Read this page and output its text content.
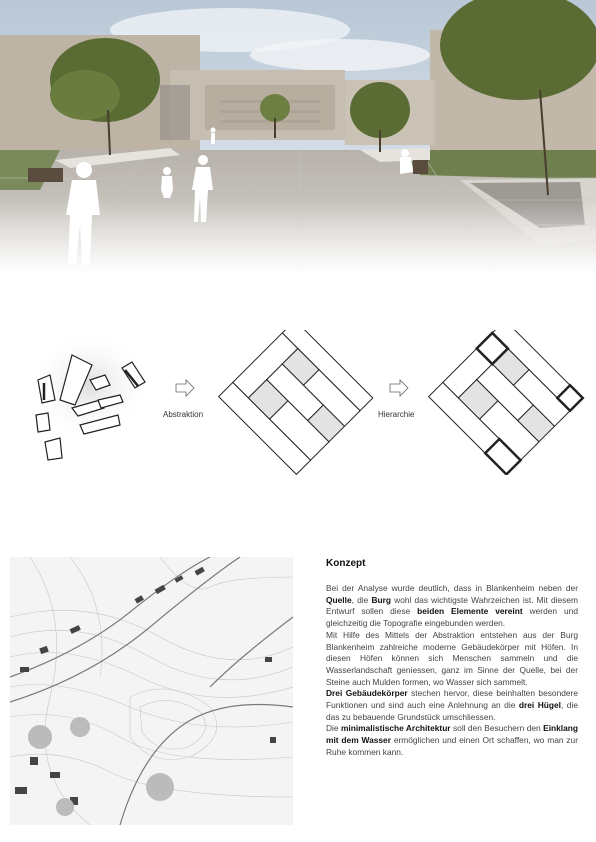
Abstraktion	Hierarchie
Konzept

Bei der Analyse wurde deutlich, dass in Blankenheim neben der Quelle, die Burg wohl das wichtigste Wahrzeichen ist. Mit diesem Entwurf sollen diese beiden Elemente vereint werden und gleichzeitig die Topografie eingebunden werden.

Mit Hilfe des Mittels der Abstraktion entstehen aus der Burg Blankenheim zahlreiche moderne Gebäudekörper mit Höfen. In diesen Höfen können sich Menschen sammeln und die Wasserlandschaft geniessen, ganz im Sinne der Quelle, bei der Steine auch Mulden formen, wo Wasser sich sammelt.

Drei Gebäudekörper stechen hervor, diese beinhalten besondere Funktionen und sind auch eine Anlehnung an die drei Hügel, die das zu bebauende Grundstück umschliessen.

Die minimalistische Architektur soll den Besuchern den Einklang mit dem Wasser ermöglichen und einen Ort schaffen, wo man zur Ruhe kommen kann.
